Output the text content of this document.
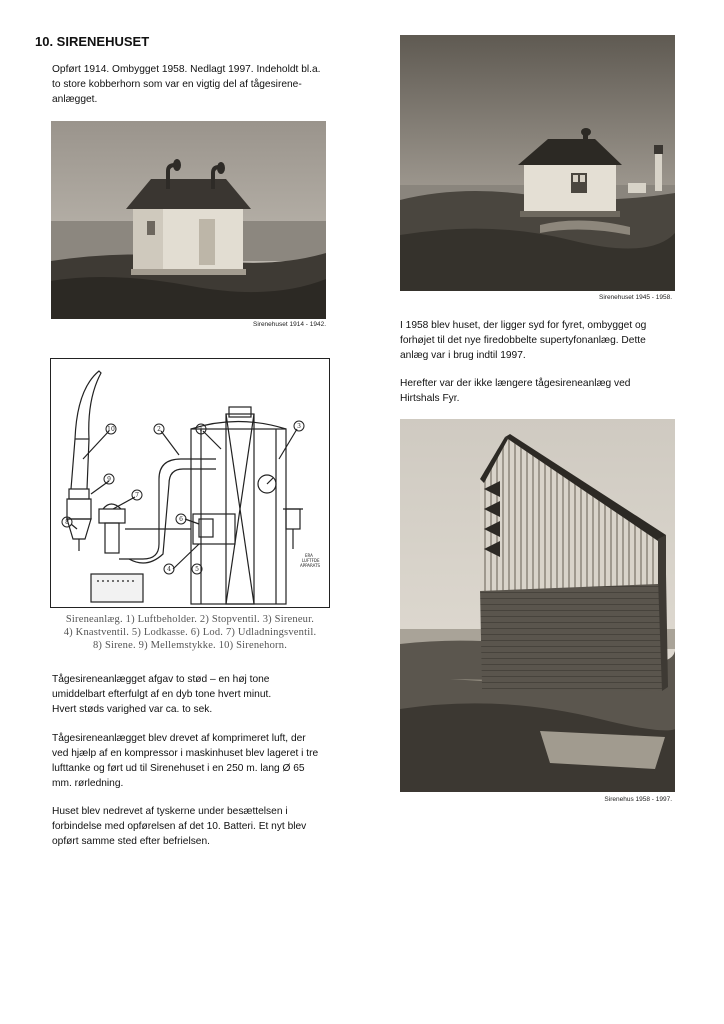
10. SIRENEHUSET
Opført 1914. Ombygget 1958. Nedlagt 1997. Indeholdt bl.a.
to store kobberhorn som var en vigtig del af tågesirene-
anlægget.
Sirenehuset 1914 - 1942.
Sirenehuset 1945 - 1958.
10	2	1	3
9
7
8	6
4	5
ERA
LUFTFDE
APPARATS
Sireneanlæg. 1) Luftbeholder. 2) Stopventil. 3) Sireneur.
4) Knastventil. 5) Lodkasse. 6) Lod. 7) Udladningsventil.
8) Sirene. 9) Mellemstykke. 10) Sirenehorn.
I 1958 blev huset, der ligger syd for fyret, ombygget og
forhøjet til det nye firedobbelte supertyfonanlæg. Dette
anlæg var i brug indtil 1997.
Herefter var der ikke længere tågesireneanlæg ved
Hirtshals Fyr.
Sirenehus 1958 - 1997.
Tågesireneanlægget afgav to stød – en høj tone
umiddelbart efterfulgt af en dyb tone hvert minut.
Hvert støds varighed var ca. to sek.
Tågesireneanlægget blev drevet af komprimeret luft, der
ved hjælp af en kompressor i maskinhuset blev lageret i tre
lufttanke og ført ud til Sirenehuset i en 250 m. lang Ø 65
mm. rørledning.
Huset blev nedrevet af tyskerne under besættelsen i
forbindelse med opførelsen af det 10. Batteri. Et nyt blev
opført samme sted efter befrielsen.
